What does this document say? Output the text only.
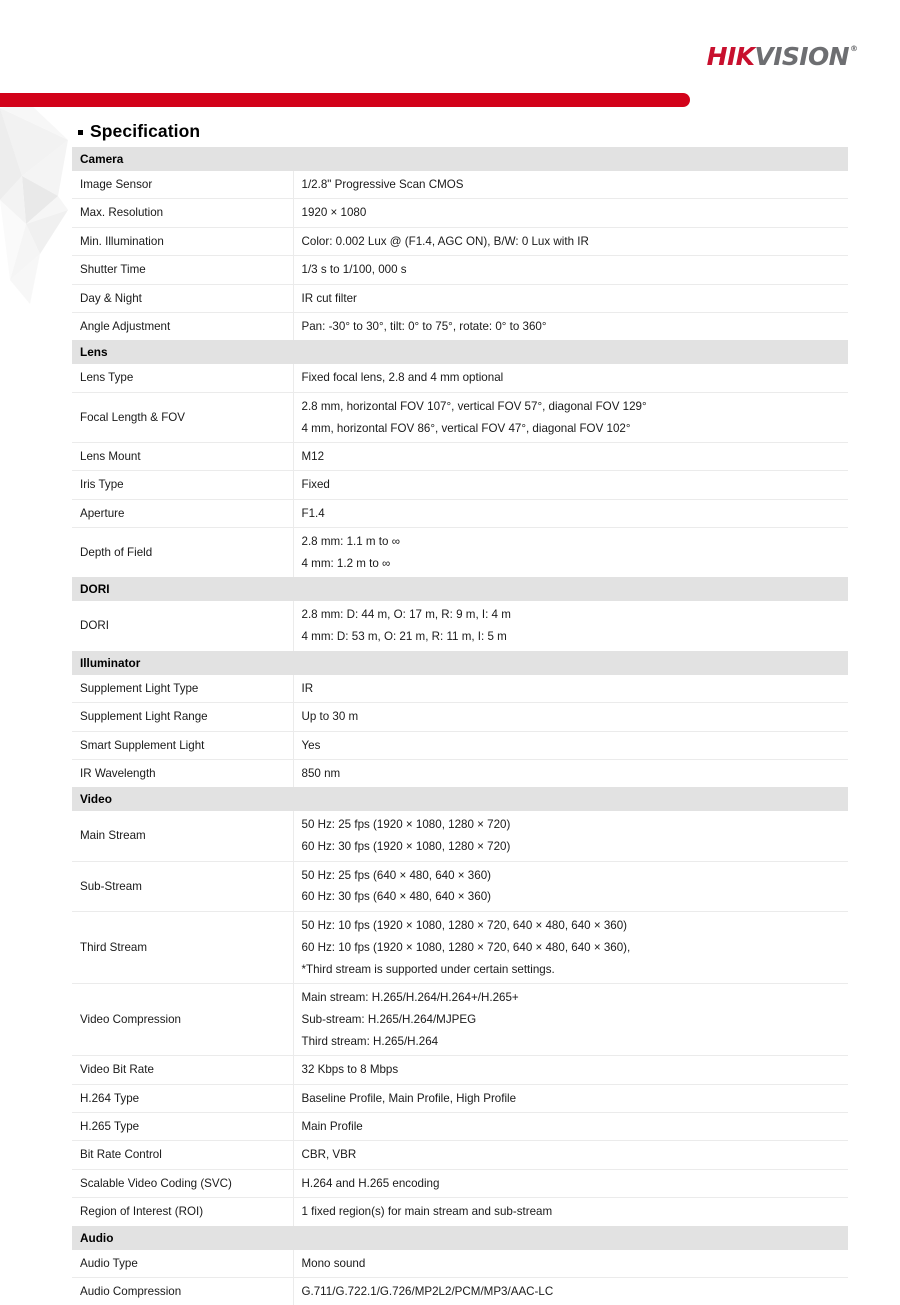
HIK VISION ®
Specification
Camera	
Image Sensor	1/2.8" Progressive Scan CMOS

Max. Resolution	1920 × 1080

Min. Illumination	Color: 0.002 Lux @ (F1.4, AGC ON), B/W: 0 Lux with IR

Shutter Time	1/3 s to 1/100, 000 s

Day & Night	IR cut filter

Angle Adjustment	Pan: -30° to 30°, tilt: 0° to 75°, rotate: 0° to 360°

Lens	
Lens Type	Fixed focal lens, 2.8 and 4 mm optional

Focal Length & FOV	2.8 mm, horizontal FOV 107°, vertical FOV 57°, diagonal FOV 129°
4 mm, horizontal FOV 86°, vertical FOV 47°, diagonal FOV 102°

Lens Mount	M12

Iris Type	Fixed

Aperture	F1.4

Depth of Field	2.8 mm: 1.1 m to ∞
4 mm: 1.2 m to ∞

DORI	
DORI	2.8 mm: D: 44 m, O: 17 m, R: 9 m, I: 4 m
4 mm: D: 53 m, O: 21 m, R: 11 m, I: 5 m

Illuminator	
Supplement Light Type	IR

Supplement Light Range	Up to 30 m

Smart Supplement Light	Yes

IR Wavelength	850 nm

Video	
Main Stream	50 Hz: 25 fps (1920 × 1080, 1280 × 720)
60 Hz: 30 fps (1920 × 1080, 1280 × 720)

Sub-Stream	50 Hz: 25 fps (640 × 480, 640 × 360)
60 Hz: 30 fps (640 × 480, 640 × 360)

Third Stream	50 Hz: 10 fps (1920 × 1080, 1280 × 720, 640 × 480, 640 × 360)
60 Hz: 10 fps (1920 × 1080, 1280 × 720, 640 × 480, 640 × 360),
*Third stream is supported under certain settings.

Video Compression	Main stream: H.265/H.264/H.264+/H.265+
Sub-stream: H.265/H.264/MJPEG
Third stream: H.265/H.264

Video Bit Rate	32 Kbps to 8 Mbps

H.264 Type	Baseline Profile, Main Profile, High Profile

H.265 Type	Main Profile

Bit Rate Control	CBR, VBR

Scalable Video Coding (SVC)	H.264 and H.265 encoding

Region of Interest (ROI)	1 fixed region(s) for main stream and sub-stream

Audio	
Audio Type	Mono sound

Audio Compression	G.711/G.722.1/G.726/MP2L2/PCM/MP3/AAC-LC
